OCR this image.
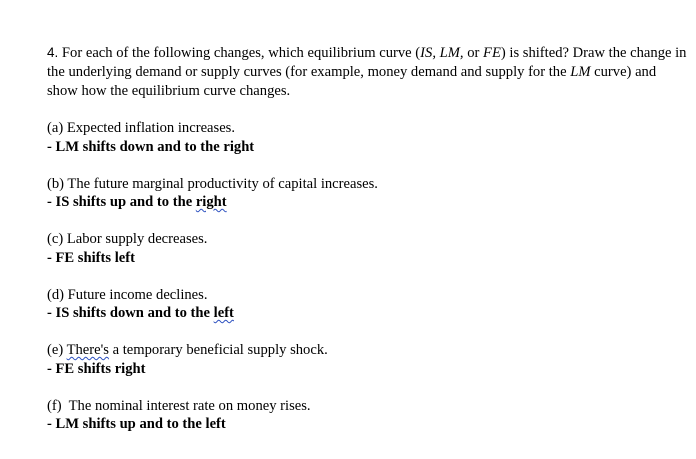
4. For each of the following changes, which equilibrium curve (IS, LM, or FE) is shifted? Draw the change in the underlying demand or supply curves (for example, money demand and supply for the LM curve) and show how the equilibrium curve changes.

(a) Expected inflation increases.
- LM shifts down and to the right
(b) The future marginal productivity of capital increases.
- IS shifts up and to the right
(c) Labor supply decreases.
- FE shifts left
(d) Future income declines.
- IS shifts down and to the left
(e) There's a temporary beneficial supply shock.
- FE shifts right
(f)  The nominal interest rate on money rises.
- LM shifts up and to the left
